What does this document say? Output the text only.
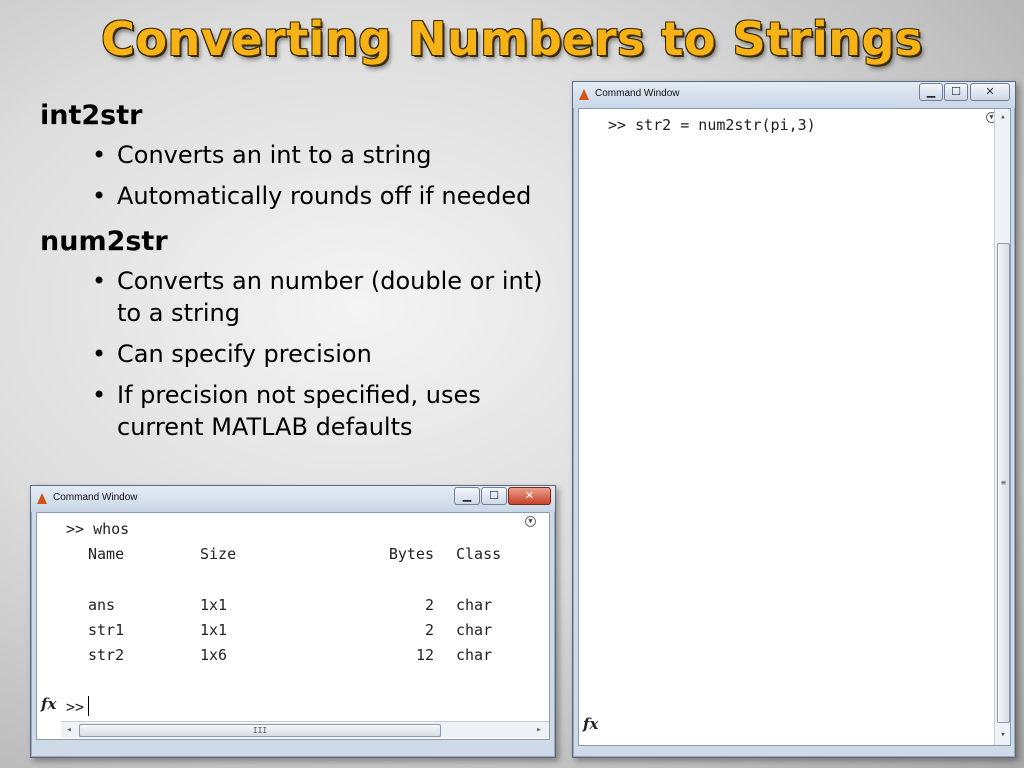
Converting Numbers to Strings
int2str
• Converts an int to a string
• Automatically rounds off if needed
num2str
• Converts an number (double or int) to a string
• Can specify precision
• If precision not specified, uses current MATLAB defaults
Command Window	▁	☐	✕

▼

>> whos

Name	Size	Bytes Class

ans	1x1	2 char

str1	1x1	2 char

str2	1x6	12 char

fx

>>

◂

	III

	▸

Command Window	▁	☐	✕

▼

>> str2 = num2str(pi,3)

fx

▴

≡

▾
